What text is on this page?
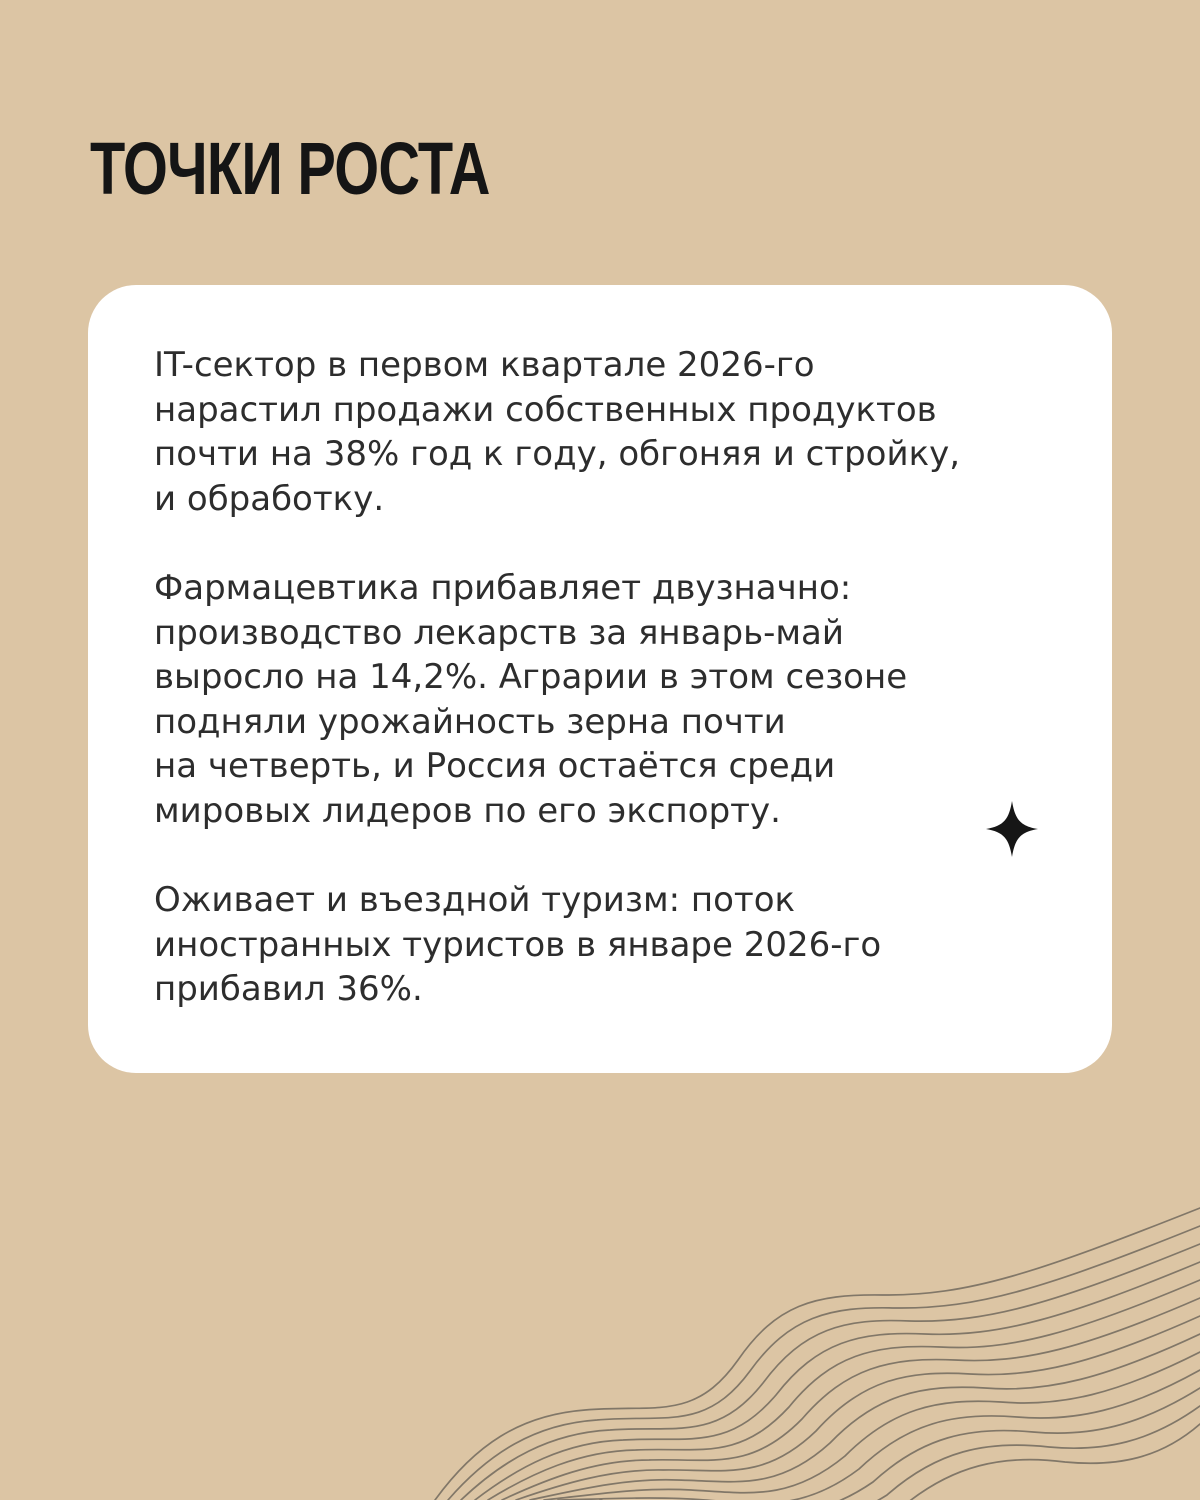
ТОЧКИ РОСТА

IT-сектор в первом квартале 2026-го
нарастил продажи собственных продуктов
почти на 38% год к году, обгоняя и стройку,
и обработку.

Фармацевтика прибавляет двузначно:
производство лекарств за январь-май
выросло на 14,2%. Аграрии в этом сезоне
подняли урожайность зерна почти
на четверть, и Россия остаётся среди
мировых лидеров по его экспорту.

Оживает и въездной туризм: поток
иностранных туристов в январе 2026-го
прибавил 36%.
